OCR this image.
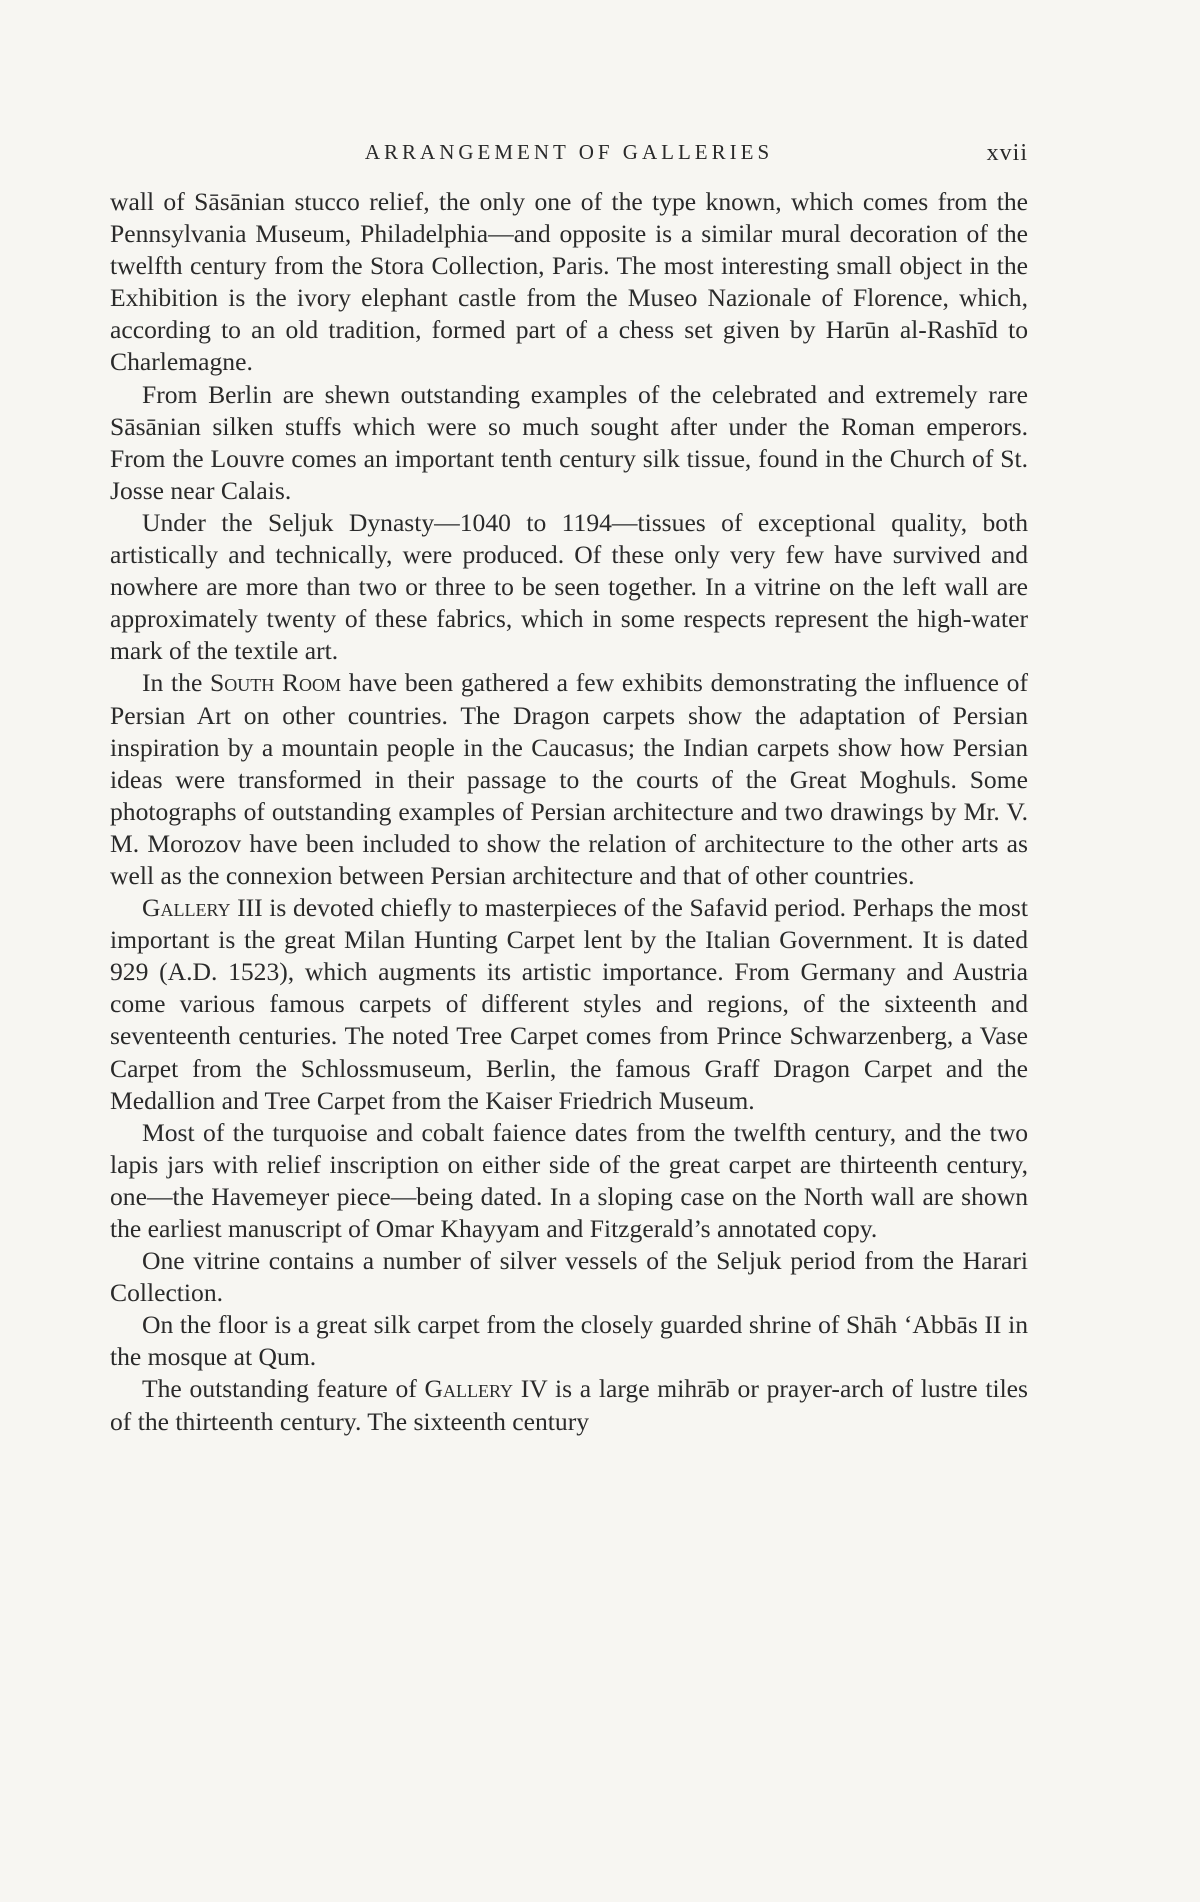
ARRANGEMENT OF GALLERIES	xvii

wall of Sāsānian stucco relief, the only one of the type known, which comes from the Pennsylvania Museum, Philadelphia—and opposite is a similar mural decoration of the twelfth century from the Stora Collection, Paris. The most interesting small object in the Exhibition is the ivory elephant castle from the Museo Nazionale of Florence, which, according to an old tradition, formed part of a chess set given by Harūn al-Rashīd to Charlemagne.

From Berlin are shewn outstanding examples of the celebrated and extremely rare Sāsānian silken stuffs which were so much sought after under the Roman emperors. From the Louvre comes an important tenth century silk tissue, found in the Church of St. Josse near Calais.

Under the Seljuk Dynasty—1040 to 1194—tissues of exceptional quality, both artistically and technically, were produced. Of these only very few have survived and nowhere are more than two or three to be seen together. In a vitrine on the left wall are approximately twenty of these fabrics, which in some respects represent the high-water mark of the textile art.

In the South Room have been gathered a few exhibits demonstrating the influence of Persian Art on other countries. The Dragon carpets show the adaptation of Persian inspiration by a mountain people in the Caucasus; the Indian carpets show how Persian ideas were transformed in their passage to the courts of the Great Moghuls. Some photographs of outstanding examples of Persian architecture and two drawings by Mr. V. M. Morozov have been included to show the relation of architecture to the other arts as well as the connexion between Persian architecture and that of other countries.

Gallery III is devoted chiefly to masterpieces of the Safavid period. Perhaps the most important is the great Milan Hunting Carpet lent by the Italian Government. It is dated 929 (A.D. 1523), which augments its artistic importance. From Germany and Austria come various famous carpets of different styles and regions, of the sixteenth and seventeenth centuries. The noted Tree Carpet comes from Prince Schwarzenberg, a Vase Carpet from the Schlossmuseum, Berlin, the famous Graff Dragon Carpet and the Medallion and Tree Carpet from the Kaiser Friedrich Museum.

Most of the turquoise and cobalt faience dates from the twelfth century, and the two lapis jars with relief inscription on either side of the great carpet are thirteenth century, one—the Havemeyer piece—being dated. In a sloping case on the North wall are shown the earliest manuscript of Omar Khayyam and Fitzgerald’s annotated copy.

One vitrine contains a number of silver vessels of the Seljuk period from the Harari Collection.

On the floor is a great silk carpet from the closely guarded shrine of Shāh ‘Abbās II in the mosque at Qum.

The outstanding feature of Gallery IV is a large mihrāb or prayer-arch of lustre tiles of the thirteenth century. The sixteenth century
